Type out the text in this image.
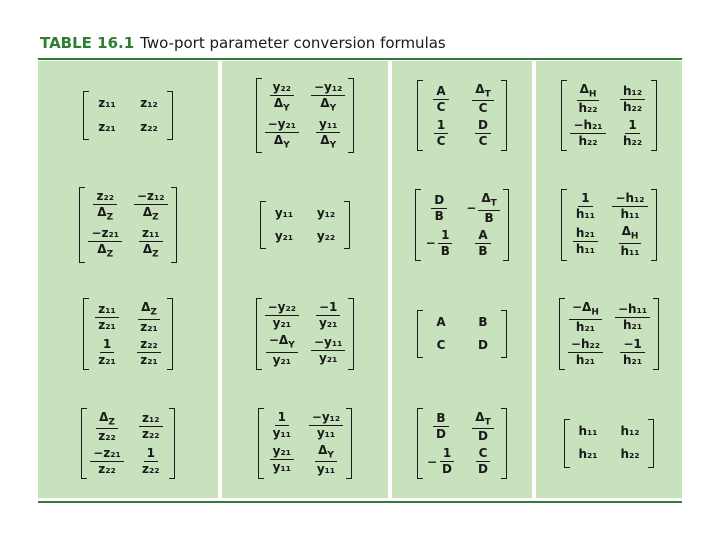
TABLE 16.1 Two-port parameter conversion formulas
z₁₁	z₁₂
z₂₁	z₂₂
$\frac{\text{y₂₂}}{\Delta_Y} \frac{\text{−y₁₂}}{\Delta_Y}$
$\frac{\text{−y₂₁}}{\Delta_Y} \frac{\text{y₁₁}}{\Delta_Y}$
$\frac{A}{C} \frac{\Delta_T}{C}$
$\frac{1}{C} \frac{D}{C}$
$\frac{\Delta_H}{\text{h₂₂}} \frac{\text{h₁₂}}{\text{h₂₂}}$
$\frac{\text{−h₂₁}}{\text{h₂₂}} \frac{1}{\text{h₂₂}}$
$\frac{\text{z₂₂}}{\Delta_Z} \frac{\text{−z₁₂}}{\Delta_Z}$
$\frac{\text{−z₂₁}}{\Delta_Z} \frac{\text{z₁₁}}{\Delta_Z}$
y₁₁	y₁₂
y₂₁	y₂₂
$\frac{D}{B} - \frac{\Delta_T}{B}$
− $\frac{1}{B} \frac{A}{B}$
$\frac{1}{\text{h₁₁}} \frac{\text{−h₁₂}}{\text{h₁₁}}$
$\frac{\text{h₂₁}}{\text{h₁₁}} \frac{\Delta_H}{\text{h₁₁}}$
$\frac{\text{z₁₁}}{\text{z₂₁}} \frac{\Delta_Z}{\text{z₂₁}}$
$\frac{1}{\text{z₂₁}} \frac{\text{z₂₂}}{\text{z₂₁}}$
$\frac{\text{−y₂₂}}{\text{y₂₁}} \frac{-1}{\text{y₂₁}}$
$\frac{-\Delta_Y}{\text{y₂₁}} \frac{\text{−y₁₁}}{\text{y₂₁}}$
A	B
C	D
$\frac{-\Delta_H}{\text{h₂₁}} \frac{\text{−h₁₁}}{\text{h₂₁}}$
$\frac{\text{−h₂₂}}{\text{h₂₁}} \frac{-1}{\text{h₂₁}}$
$\frac{\Delta_Z}{\text{z₂₂}} \frac{\text{z₁₂}}{\text{z₂₂}}$
$\frac{\text{−z₂₁}}{\text{z₂₂}} \frac{1}{\text{z₂₂}}$
$\frac{1}{\text{y₁₁}} \frac{\text{−y₁₂}}{\text{y₁₁}}$
$\frac{\text{y₂₁}}{\text{y₁₁}} \frac{\Delta_Y}{\text{y₁₁}}$
$\frac{B}{D} \frac{\Delta_T}{D}$
− $\frac{1}{D} \frac{C}{D}$
h₁₁	h₁₂
h₂₁	h₂₂
